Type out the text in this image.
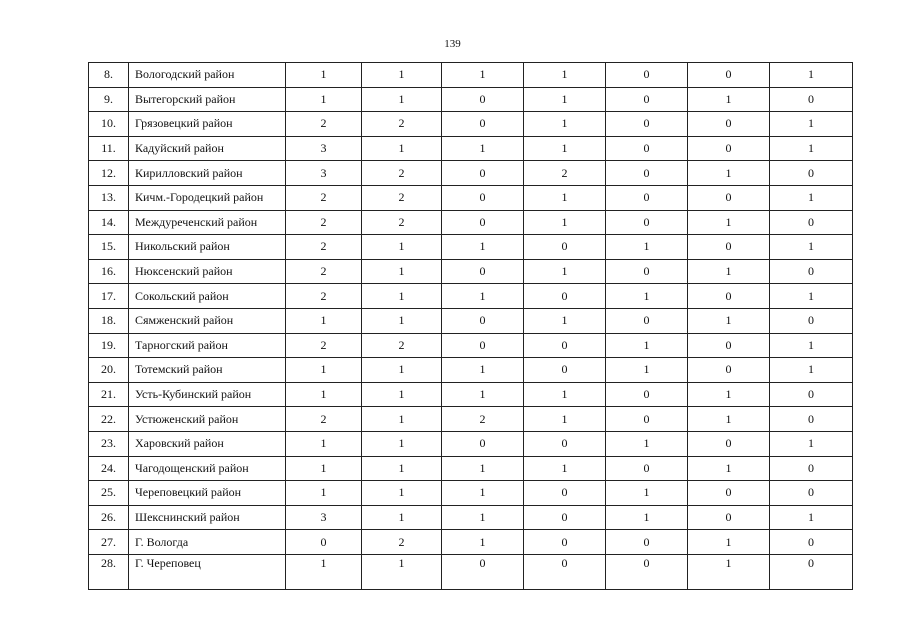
139
8.	Вологодский район	1	1	1	1	0	0	1
9.	Вытегорский район	1	1	0	1	0	1	0
10.	Грязовецкий район	2	2	0	1	0	0	1
11.	Кадуйский район	3	1	1	1	0	0	1
12.	Кирилловский район	3	2	0	2	0	1	0
13.	Кичм.-Городецкий район	2	2	0	1	0	0	1
14.	Междуреченский район	2	2	0	1	0	1	0
15.	Никольский район	2	1	1	0	1	0	1
16.	Нюксенский район	2	1	0	1	0	1	0
17.	Сокольский район	2	1	1	0	1	0	1
18.	Сямженский район	1	1	0	1	0	1	0
19.	Тарногский район	2	2	0	0	1	0	1
20.	Тотемский район	1	1	1	0	1	0	1
21.	Усть-Кубинский район	1	1	1	1	0	1	0
22.	Устюженский район	2	1	2	1	0	1	0
23.	Харовский район	1	1	0	0	1	0	1
24.	Чагодощенский район	1	1	1	1	0	1	0
25.	Череповецкий район	1	1	1	0	1	0	0
26.	Шекснинский район	3	1	1	0	1	0	1
27.	Г. Вологда	0	2	1	0	0	1	0
28.	Г. Череповец	1	1	0	0	0	1	0
